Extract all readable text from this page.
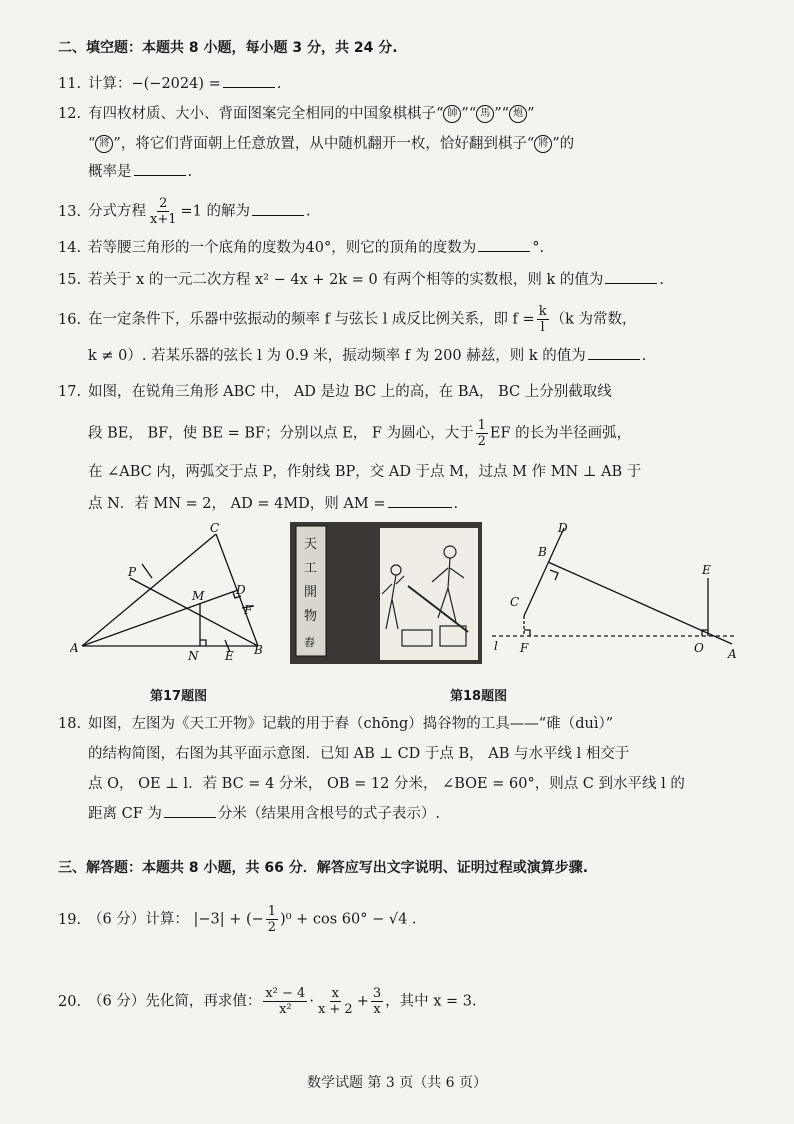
二、填空题：本题共 8 小题，每小题 3 分，共 24 分.
11. 计算：−(−2024) =	.
12. 有四枚材质、大小、背面图案完全相同的中国象棋棋子“ 帥 ”“ 馬 ”“ 炮 ”
“ 將 ”，将它们背面朝上任意放置，从中随机翻开一枚，恰好翻到棋子“ 將 ”的
概率是	.
13. 分式方程 $\frac{2}{x+1} =1$ 的解为	.
14. 若等腰三角形的一个底角的度数为40°，则它的顶角的度数为	°.
15. 若关于 x 的一元二次方程 x² − 4x + 2k = 0 有两个相等的实数根，则 k 的值为	.
16. 在一定条件下，乐器中弦振动的频率 f 与弦长 l 成反比例关系，即 $f = \frac{k}{l} (k$ 为常数，
k ≠ 0）. 若某乐器的弦长 l 为 0.9 米，振动频率 f 为 200 赫兹，则 k 的值为	.
17. 如图，在锐角三角形 ABC 中， AD 是边 BC 上的高，在 BA， BC 上分别截取线
段 BE， BF，使 BE = BF；分别以点 E， F 为圆心，大于 $\frac{1}{2}$ EF 的长为半径画弧，
在 ∠ABC 内，两弧交于点 P，作射线 BP，交 AD 于点 M，过点 M 作 MN ⊥ AB 于
点 N．若 MN = 2， AD = 4MD，则 AM =	.
A	B
C
D
E
F
M
N
P
第17题图
天
工
開
物
舂
A
B
C
D
E
F	O
l
第18题图
18. 如图，左图为《天工开物》记载的用于舂（chōng）捣谷物的工具——“碓（duì）”
的结构简图，右图为其平面示意图．已知 AB ⊥ CD 于点 B， AB 与水平线 l 相交于
点 O， OE ⊥ l．若 BC = 4 分米， OB = 12 分米， ∠BOE = 60°，则点 C 到水平线 l 的
距离 CF 为	分米（结果用含根号的式子表示）.
三、解答题：本题共 8 小题，共 66 分．解答应写出文字说明、证明过程或演算步骤.
19. （6 分）计算： |−3| + (− $\frac{1}{2} )^0 + \cos 60^\circ - √4$ .
20. （6 分）先化简，再求值： $\frac{\text{x² − 4}}{\text{x²}} \cdot \frac{x}{x + 2} + \frac{3}{x}$ ，其中 x = 3.
数学试题 第 3 页（共 6 页）
